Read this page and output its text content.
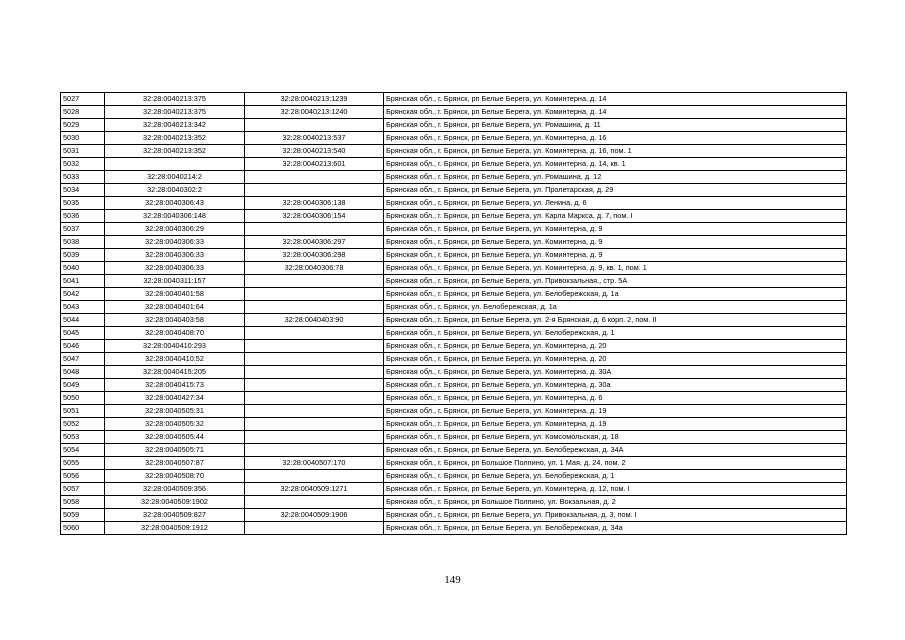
5027	32:28:0040213:375	32:28:0040213:1239	Брянская обл., г. Брянск, рп Белые Берега, ул. Коминтерна, д. 14
5028	32:28:0040213:375	32:28:0040213:1240	Брянская обл., г. Брянск, рп Белые Берега, ул. Коминтерна, д. 14
5029	32:28:0040213:342		Брянская обл., г. Брянск, рп Белые Берега, ул. Ромашина, д. 11
5030	32:28:0040213:352	32:28:0040213:537	Брянская обл., г. Брянск, рп Белые Берега, ул. Коминтерна, д. 16
5031	32:28:0040213:352	32:28:0040213:540	Брянская обл., г. Брянск, рп Белые Берега, ул. Коминтерна, д. 16, пом. 1
5032		32:28:0040213:601	Брянская обл., г. Брянск, рп Белые Берега, ул. Коминтерна, д. 14, кв. 1
5033	32:28:0040214:2		Брянская обл., г. Брянск, рп Белые Берега, ул. Ромашина, д. 12
5034	32:28:0040302:2		Брянская обл., г. Брянск, рп Белые Берега, ул. Пролетарская, д. 29
5035	32:28:0040306:43	32:28:0040306:138	Брянская обл., г. Брянск, рп Белые Берега, ул. Ленина, д. 6
5036	32:28:0040306:148	32:28:0040306:154	Брянская обл., г. Брянск, рп Белые Берега, ул. Карла Маркса, д. 7, пом. I
5037	32:28:0040306:29		Брянская обл., г. Брянск, рп Белые Берега, ул. Коминтерна, д. 9
5038	32:28:0040306:33	32:28:0040306:297	Брянская обл., г. Брянск, рп Белые Берега, ул. Коминтерна, д. 9
5039	32:28:0040306:33	32:28:0040306:298	Брянская обл., г. Брянск, рп Белые Берега, ул. Коминтерна, д. 9
5040	32:28:0040306:33	32:28:0040306:78	Брянская обл., г. Брянск, рп Белые Берега, ул. Коминтерна, д. 9, кв. 1, пом. 1
5041	32:28:0040311:157		Брянская обл., г. Брянск, рп Белые Берега, ул. Привокзальная,, стр. 5А
5042	32:28:0040401:58		Брянская обл., г. Брянск, рп Белые Берега, ул. Белобережская, д. 1а
5043	32:28:0040401:64		Брянская обл., г. Брянск, ул. Белобережская, д. 1а
5044	32:28:0040403:58	32:28:0040403:90	Брянская обл., г. Брянск, рп Белые Берега, ул. 2-я Брянская, д. 6 корп. 2, пом. II
5045	32:28:0040408:70		Брянская обл., г. Брянск, рп Белые Берега, ул. Белобережская, д. 1
5046	32:28:0040410:293		Брянская обл., г. Брянск, рп Белые Берега, ул. Коминтерна, д. 20
5047	32:28:0040410:52		Брянская обл., г. Брянск, рп Белые Берега, ул. Коминтерна, д. 20
5048	32:28:0040415:205		Брянская обл., г. Брянск, рп Белые Берега, ул. Коминтерна, д. 30А
5049	32:28:0040415:73		Брянская обл., г. Брянск, рп Белые Берега, ул. Коминтерна, д. 30а
5050	32:28:0040427:34		Брянская обл., г. Брянск, рп Белые Берега, ул. Коминтерна, д. 6
5051	32:28:0040505:31		Брянская обл., г. Брянск, рп Белые Берега, ул. Коминтерна, д. 19
5052	32:28:0040505:32		Брянская обл., г. Брянск, рп Белые Берега, ул. Коминтерна, д. 19
5053	32:28:0040505:44		Брянская обл., г. Брянск, рп Белые Берега, ул. Комсомольская, д. 18
5054	32:28:0040505:71		Брянская обл., г. Брянск, рп Белые Берега, ул. Белобережская, д. 34А
5055	32:28:0040507:87	32:28:0040507:170	Брянская обл., г. Брянск, рп Большое Полпино, ул. 1 Мая, д. 24, пом. 2
5056	32:28:0040508:70		Брянская обл., г. Брянск, рп Белые Берега, ул. Белобережская, д. 1
5057	32:28:0040509:356	32:28:0040509:1271	Брянская обл., г. Брянск, рп Белые Берега, ул. Коминтерна, д. 12, пом. I
5058	32:28:0040509:1902		Брянская обл., г. Брянск, рп Большое Полпино, ул. Вокзальная, д. 2
5059	32:28:0040509:827	32:28:0040509:1906	Брянская обл., г. Брянск, рп Белые Берега, ул. Привокзальная, д. 3, пом. I
5060	32:28:0040509:1912		Брянская обл., г. Брянск, рп Белые Берега, ул. Белобережская, д. 34а
149
